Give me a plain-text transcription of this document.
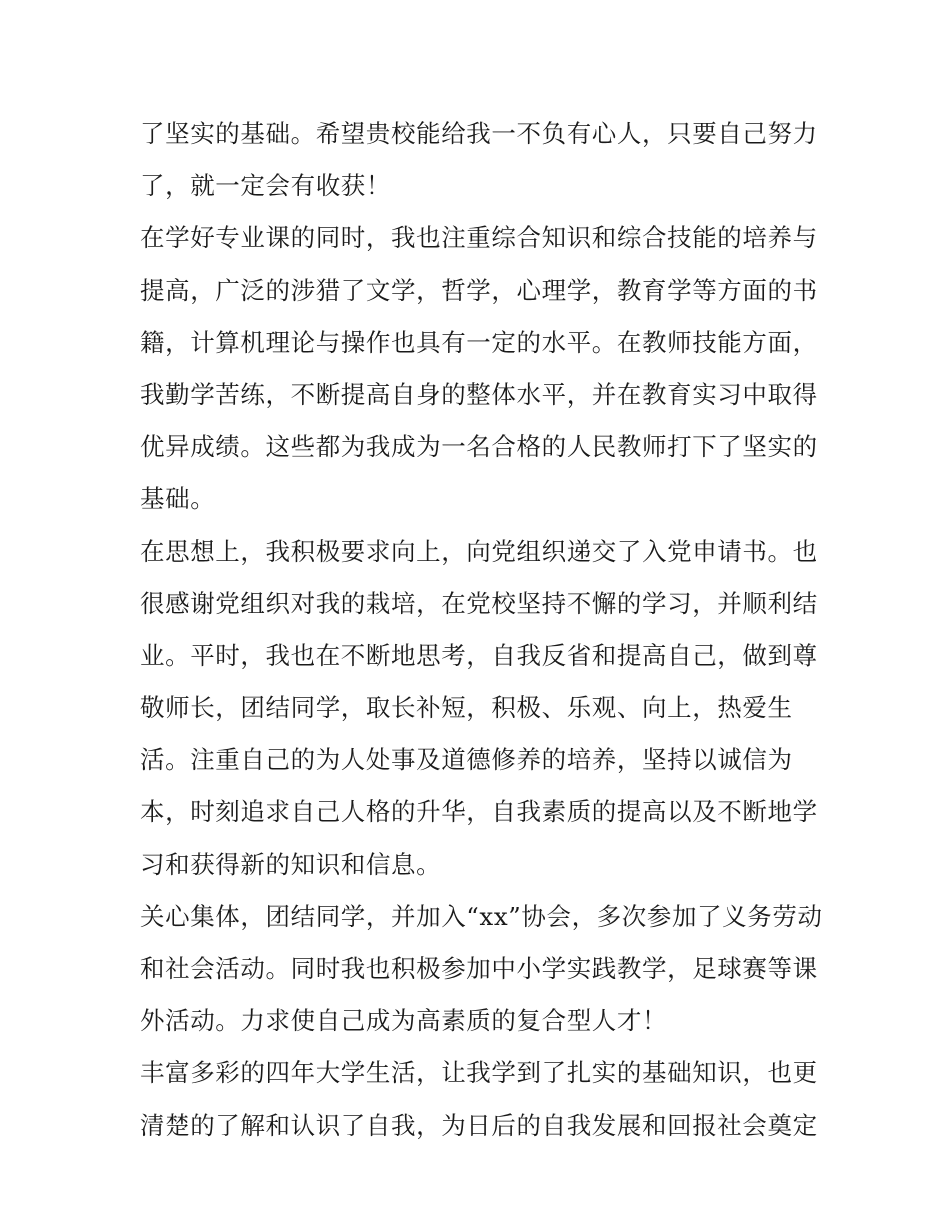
了坚实的基础。希望贵校能给我一不负有心人，只要自己努力
了，就一定会有收获！
在学好专业课的同时，我也注重综合知识和综合技能的培养与
提高，广泛的涉猎了文学，哲学，心理学，教育学等方面的书
籍，计算机理论与操作也具有一定的水平。在教师技能方面，
我勤学苦练，不断提高自身的整体水平，并在教育实习中取得
优异成绩。这些都为我成为一名合格的人民教师打下了坚实的
基础。
在思想上，我积极要求向上，向党组织递交了入党申请书。也
很感谢党组织对我的栽培，在党校坚持不懈的学习，并顺利结
业。平时，我也在不断地思考，自我反省和提高自己，做到尊
敬师长，团结同学，取长补短，积极、乐观、向上，热爱生
活。注重自己的为人处事及道德修养的培养，坚持以诚信为
本，时刻追求自己人格的升华，自我素质的提高以及不断地学
习和获得新的知识和信息。
关心集体，团结同学，并加入“xx”协会，多次参加了义务劳动
和社会活动。同时我也积极参加中小学实践教学，足球赛等课
外活动。力求使自己成为高素质的复合型人才！
丰富多彩的四年大学生活，让我学到了扎实的基础知识，也更
清楚的了解和认识了自我，为日后的自我发展和回报社会奠定
